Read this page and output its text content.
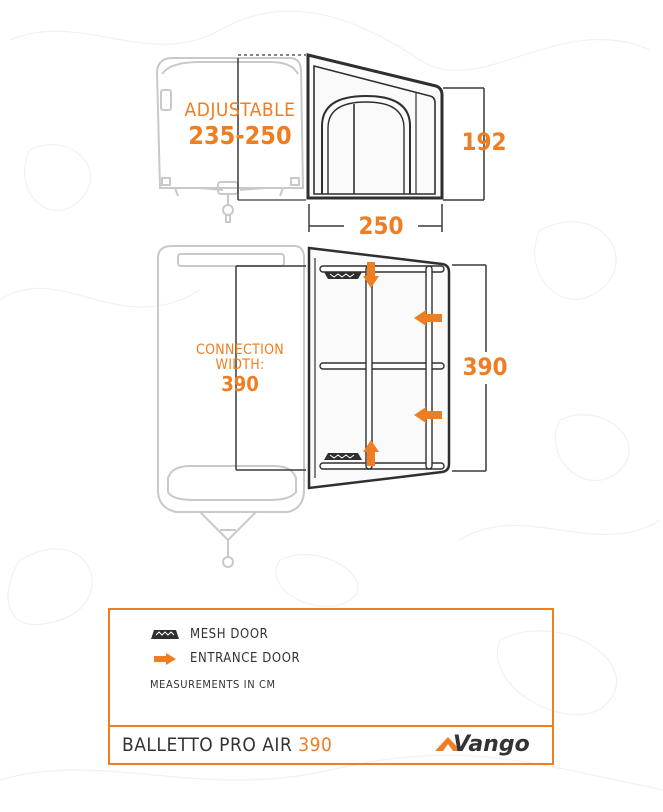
ADJUSTABLE
235-250	192
250
CONNECTION
WIDTH:
390
390
MESH DOOR
ENTRANCE DOOR
MEASUREMENTS IN CM
BALLETTO PRO AIR 390	Vango
